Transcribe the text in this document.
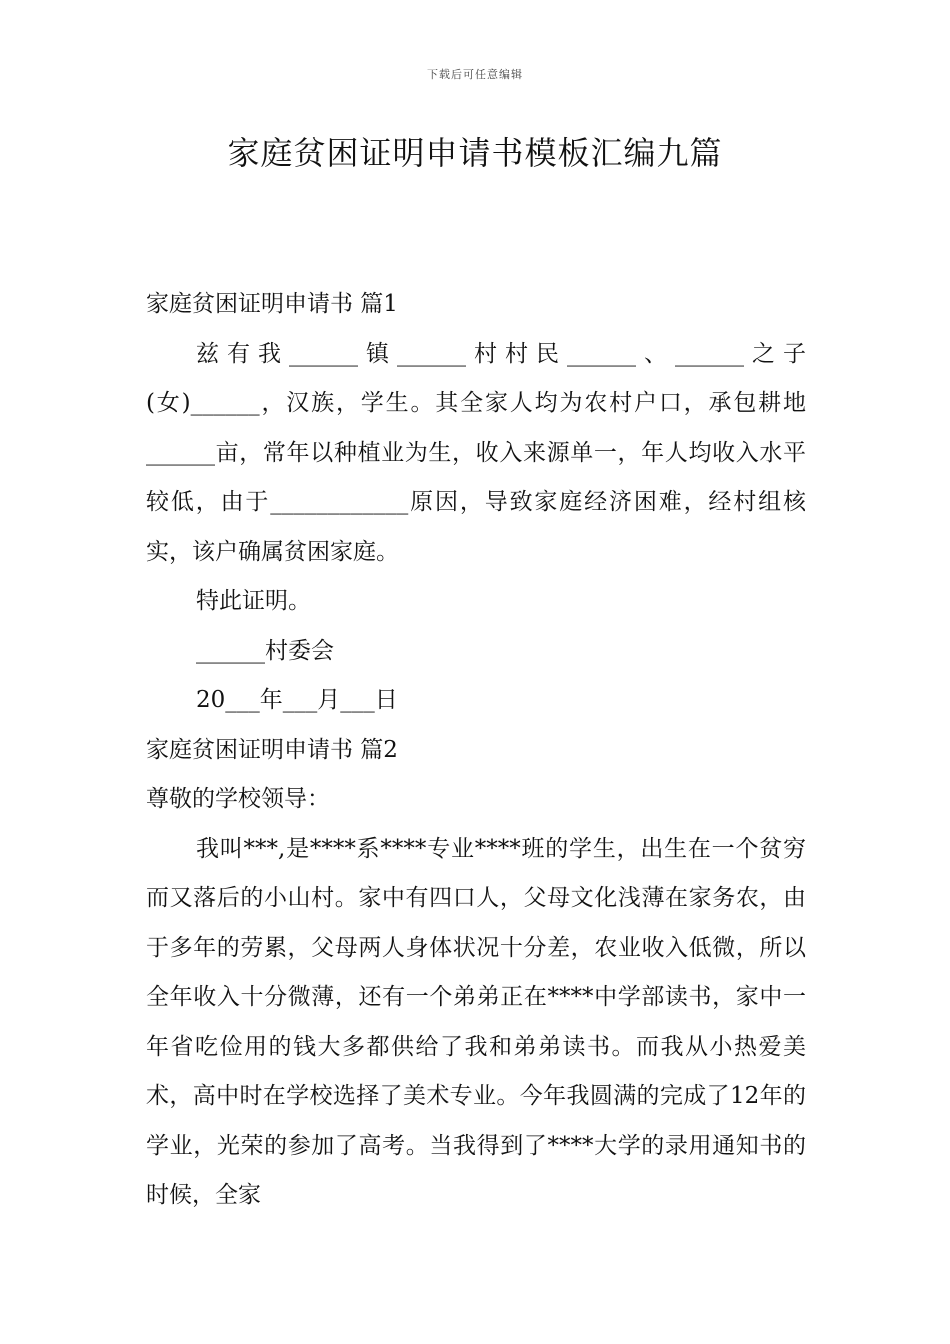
下载后可任意编辑
家庭贫困证明申请书模板汇编九篇

家庭贫困证明申请书 篇1

兹有我______镇______村村民______、______之子(女)______，汉族，学生。其全家人均为农村户口，承包耕地______亩，常年以种植业为生，收入来源单一，年人均收入水平较低，由于____________原因，导致家庭经济困难，经村组核实，该户确属贫困家庭。

特此证明。

______村委会

20___年___月___日

家庭贫困证明申请书 篇2

尊敬的学校领导：

我叫***,是****系****专业****班的学生，出生在一个贫穷而又落后的小山村。家中有四口人，父母文化浅薄在家务农，由于多年的劳累，父母两人身体状况十分差，农业收入低微，所以全年收入十分微薄，还有一个弟弟正在****中学部读书，家中一年省吃俭用的钱大多都供给了我和弟弟读书。而我从小热爱美术，高中时在学校选择了美术专业。今年我圆满的完成了12年的学业，光荣的参加了高考。当我得到了****大学的录用通知书的时候，全家
